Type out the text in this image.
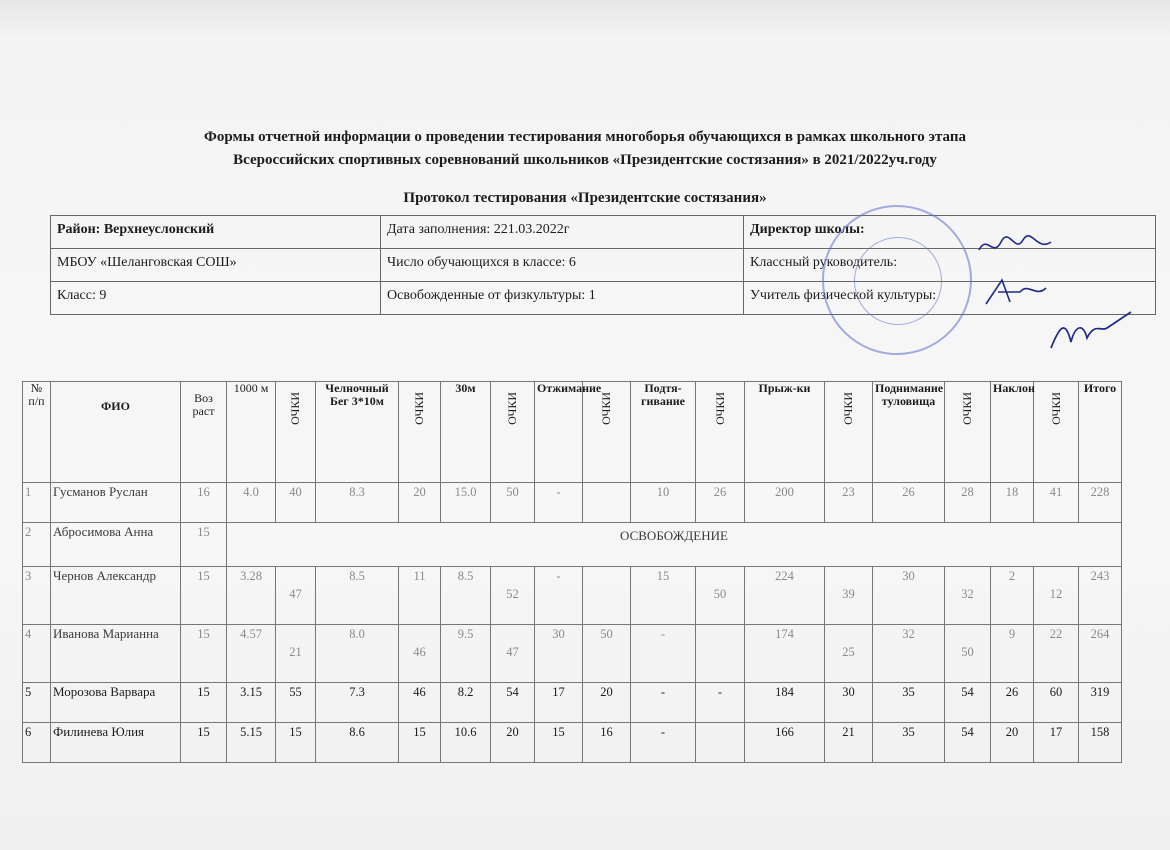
Формы отчетной информации о проведении тестирования многоборья обучающихся в рамках школьного этапа
Всероссийских спортивных соревнований школьников «Президентские состязания» в 2021/2022уч.году
Протокол тестирования «Президентские состязания»
Район: Верхнеуслонский	Дата заполнения: 221.03.2022г	Директор школы:

МБОУ «Шеланговская СОШ»	Число обучающихся в классе: 6	Классный руководитель:

Класс: 9	Освобожденные от физкультуры: 1	Учитель физической культуры:
№ п/п	ФИО	Воз раст	1000 м	ОЧКИ	Челночный Бег 3*10м	ОЧКИ	30м	ОЧКИ	Отжимание	ОЧКИ	Подтя-гивание	ОЧКИ	Прыж-ки	ОЧКИ	Поднимание туловища	ОЧКИ	Наклон	ОЧКИ	Итого
1	Гусманов Руслан	16	4.0	40	8.3	20	15.0	50	-		10	26	200	23	26	28	18	41	228
2	Абросимова Анна	15	ОСВОБОЖДЕНИЕ																
3	Чернов Александр	15	3.28	47	8.5	11	8.5	52	-		15	50	224	39	30	32	2	12	243
4	Иванова Марианна	15	4.57	21	8.0	46	9.5	47	30	50	-		174	25	32	50	9	22	264
5	Морозова Варвара	15	3.15	55	7.3	46	8.2	54	17	20	-	-	184	30	35	54	26	60	319
6	Филинева Юлия	15	5.15	15	8.6	15	10.6	20	15	16	-		166	21	35	54	20	17	158
